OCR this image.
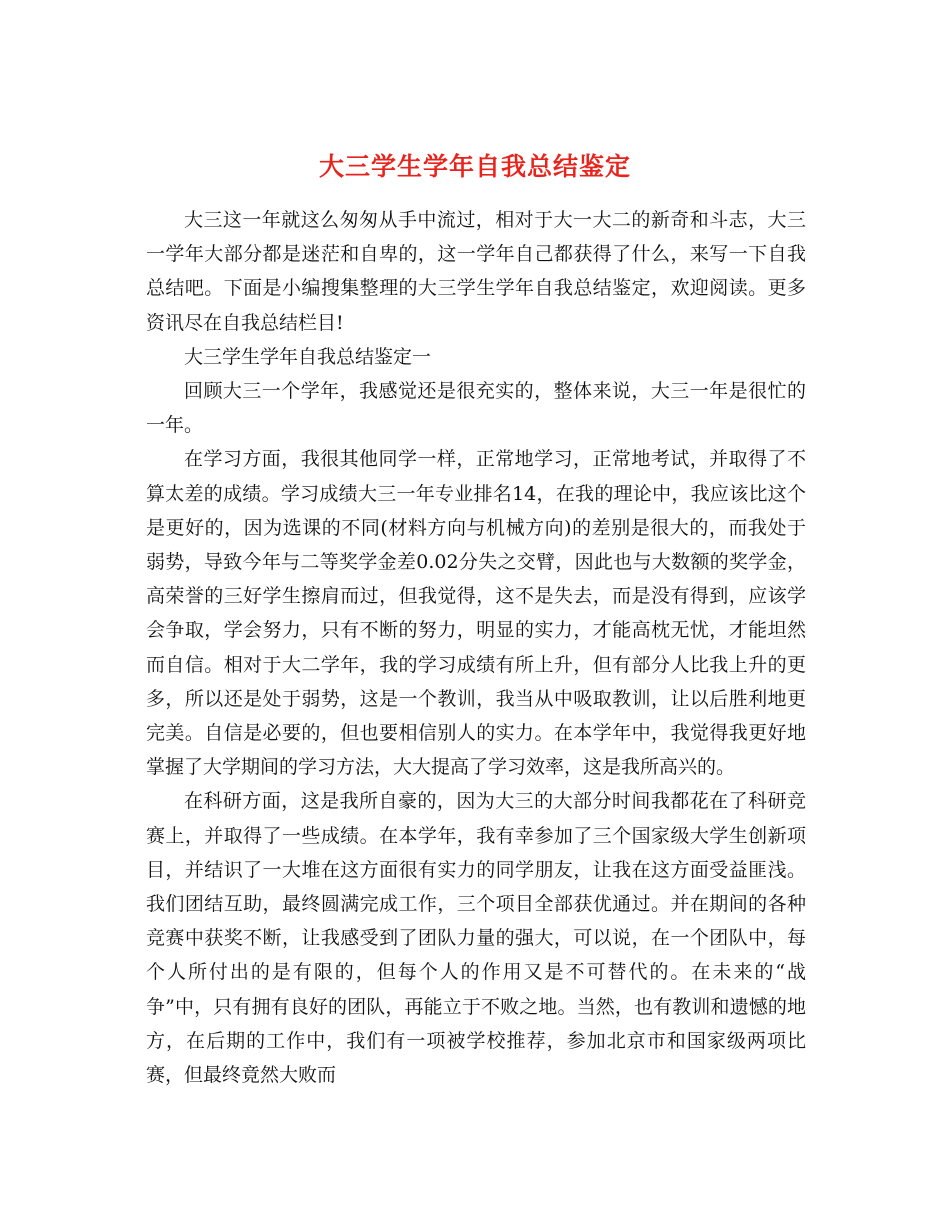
大三学生学年自我总结鉴定

大三这一年就这么匆匆从手中流过，相对于大一大二的新奇和斗志，大三一学年大部分都是迷茫和自卑的，这一学年自己都获得了什么，来写一下自我总结吧。下面是小编搜集整理的大三学生学年自我总结鉴定，欢迎阅读。更多资讯尽在自我总结栏目!

大三学生学年自我总结鉴定一

回顾大三一个学年，我感觉还是很充实的，整体来说，大三一年是很忙的一年。

在学习方面，我很其他同学一样，正常地学习，正常地考试，并取得了不算太差的成绩。学习成绩大三一年专业排名14，在我的理论中，我应该比这个是更好的，因为选课的不同(材料方向与机械方向)的差别是很大的，而我处于弱势，导致今年与二等奖学金差0.02分失之交臂，因此也与大数额的奖学金，高荣誉的三好学生擦肩而过，但我觉得，这不是失去，而是没有得到，应该学会争取，学会努力，只有不断的努力，明显的实力，才能高枕无忧，才能坦然而自信。相对于大二学年，我的学习成绩有所上升，但有部分人比我上升的更多，所以还是处于弱势，这是一个教训，我当从中吸取教训，让以后胜利地更完美。自信是必要的，但也要相信别人的实力。在本学年中，我觉得我更好地掌握了大学期间的学习方法，大大提高了学习效率，这是我所高兴的。

在科研方面，这是我所自豪的，因为大三的大部分时间我都花在了科研竞赛上，并取得了一些成绩。在本学年，我有幸参加了三个国家级大学生创新项目，并结识了一大堆在这方面很有实力的同学朋友，让我在这方面受益匪浅。我们团结互助，最终圆满完成工作，三个项目全部获优通过。并在期间的各种竞赛中获奖不断，让我感受到了团队力量的强大，可以说，在一个团队中，每个人所付出的是有限的，但每个人的作用又是不可替代的。在未来的“战争”中，只有拥有良好的团队，再能立于不败之地。当然，也有教训和遗憾的地方，在后期的工作中，我们有一项被学校推荐，参加北京市和国家级两项比赛，但最终竟然大败而
